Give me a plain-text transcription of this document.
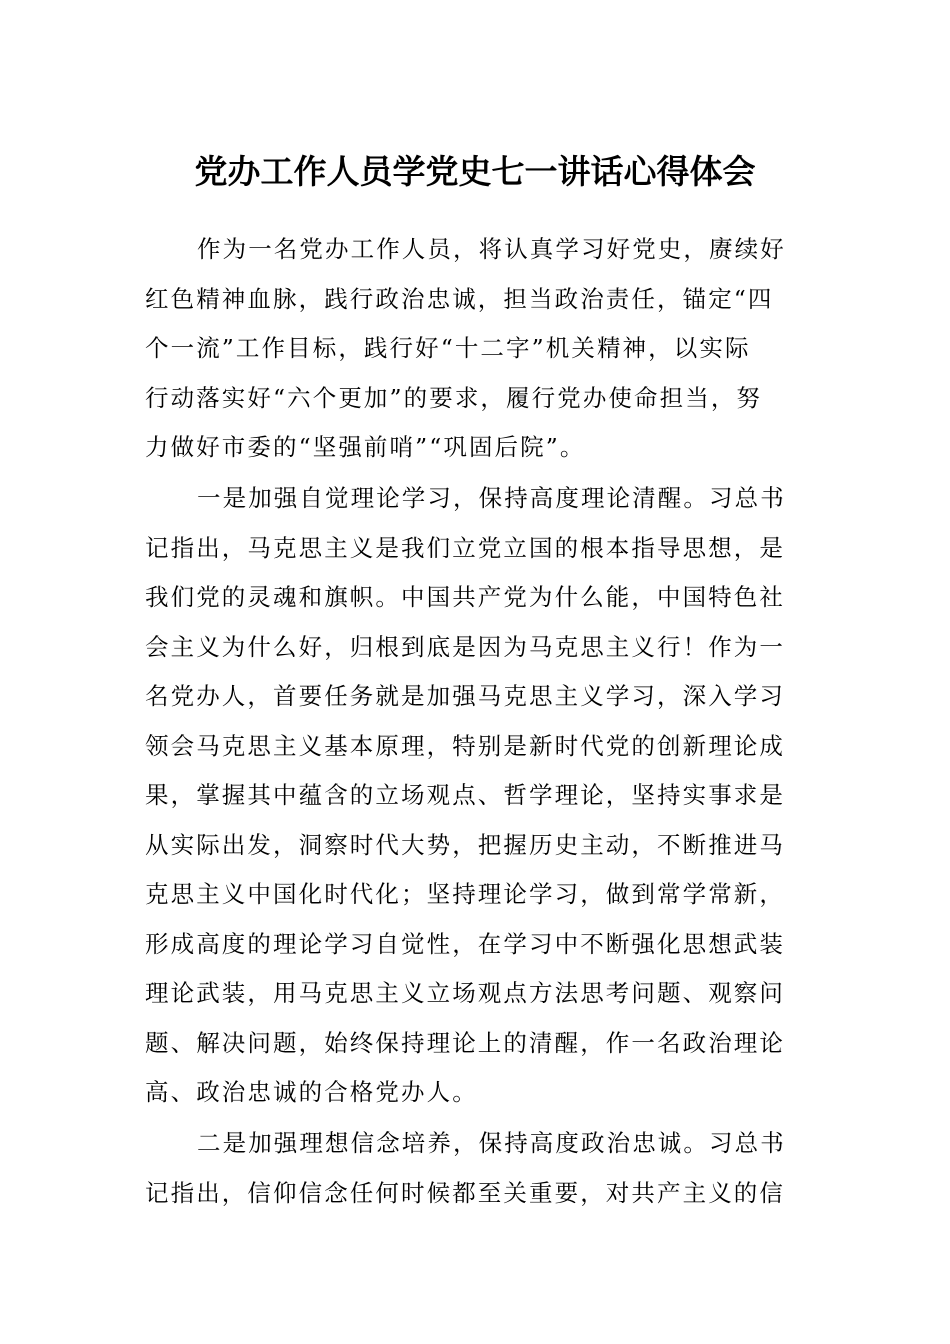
党办工作人员学党史七一讲话心得体会
作为一名党办工作人员，将认真学习好党史，赓续好
红色精神血脉，践行政治忠诚，担当政治责任，锚定“四
个一流”工作目标，践行好“十二字”机关精神，以实际
行动落实好“六个更加”的要求，履行党办使命担当，努
力做好市委的“坚强前哨”“巩固后院”。
一是加强自觉理论学习，保持高度理论清醒。习总书
记指出，马克思主义是我们立党立国的根本指导思想，是
我们党的灵魂和旗帜。中国共产党为什么能，中国特色社
会主义为什么好，归根到底是因为马克思主义行！作为一
名党办人，首要任务就是加强马克思主义学习，深入学习
领会马克思主义基本原理，特别是新时代党的创新理论成
果，掌握其中蕴含的立场观点、哲学理论，坚持实事求是
从实际出发，洞察时代大势，把握历史主动，不断推进马
克思主义中国化时代化；坚持理论学习，做到常学常新，
形成高度的理论学习自觉性，在学习中不断强化思想武装
理论武装，用马克思主义立场观点方法思考问题、观察问
题、解决问题，始终保持理论上的清醒，作一名政治理论
高、政治忠诚的合格党办人。
二是加强理想信念培养，保持高度政治忠诚。习总书
记指出，信仰信念任何时候都至关重要，对共产主义的信
